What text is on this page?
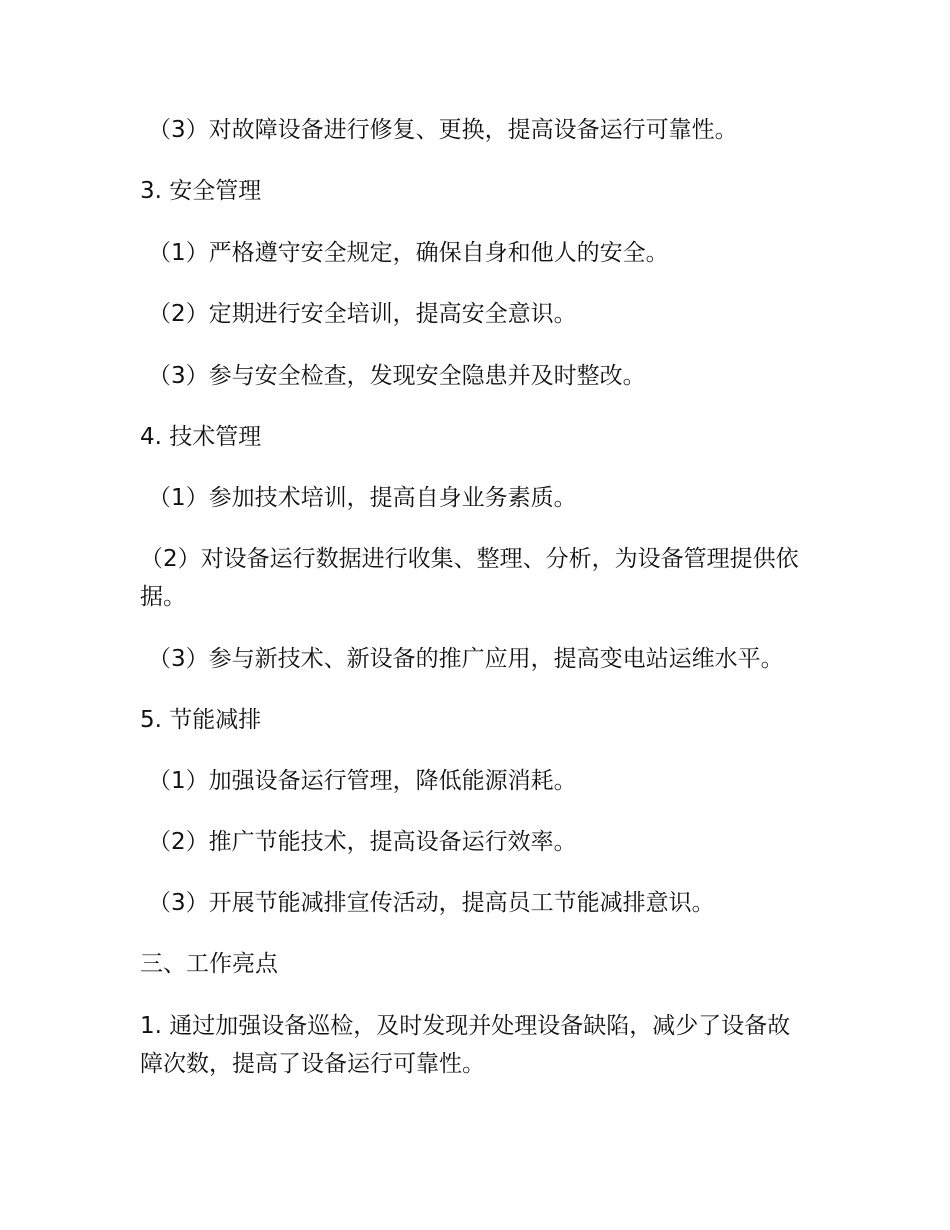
（3）对故障设备进行修复、更换，提高设备运行可靠性。
3. 安全管理
（1）严格遵守安全规定，确保自身和他人的安全。
（2）定期进行安全培训，提高安全意识。
（3）参与安全检查，发现安全隐患并及时整改。
4. 技术管理
（1）参加技术培训，提高自身业务素质。
（2）对设备运行数据进行收集、整理、分析，为设备管理提供依据。
（3）参与新技术、新设备的推广应用，提高变电站运维水平。
5. 节能减排
（1）加强设备运行管理，降低能源消耗。
（2）推广节能技术，提高设备运行效率。
（3）开展节能减排宣传活动，提高员工节能减排意识。
三、工作亮点
1. 通过加强设备巡检，及时发现并处理设备缺陷，减少了设备故障次数，提高了设备运行可靠性。
